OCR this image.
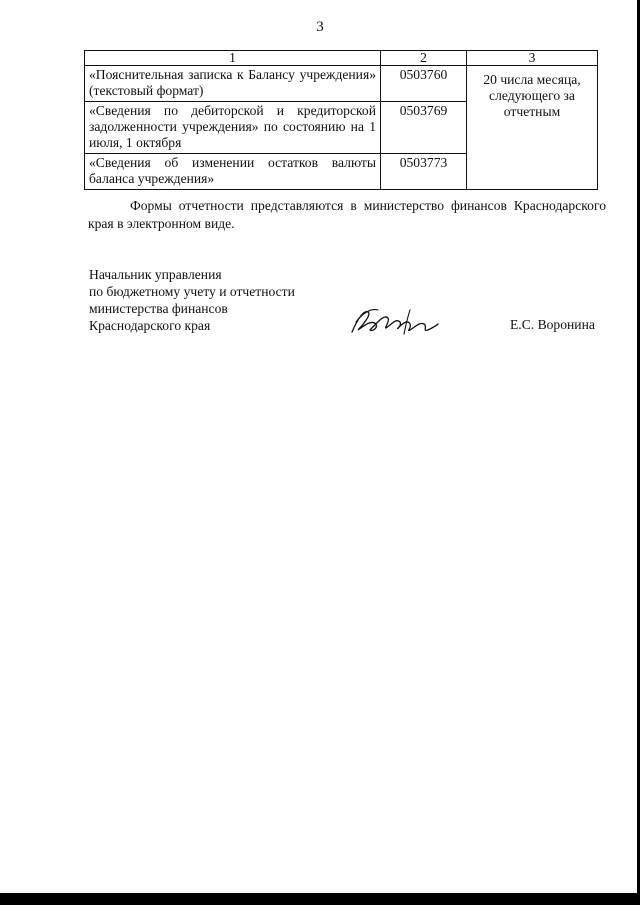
3
1	2	3
«Пояснительная записка к Балансу учреждения» (текстовый формат)	0503760	20 числа месяца, следующего за отчетным
«Сведения по дебиторской и кредиторской задолженности учреждения» по состоянию на 1 июля, 1 октября	0503769	
«Сведения об изменении остатков валюты баланса учреждения»	0503773	

Формы отчетности представляются в министерство финансов Краснодарского края в электронном виде.

Начальник управления
по бюджетному учету и отчетности
министерства финансов
Краснодарского края	Е.С. Воронина
